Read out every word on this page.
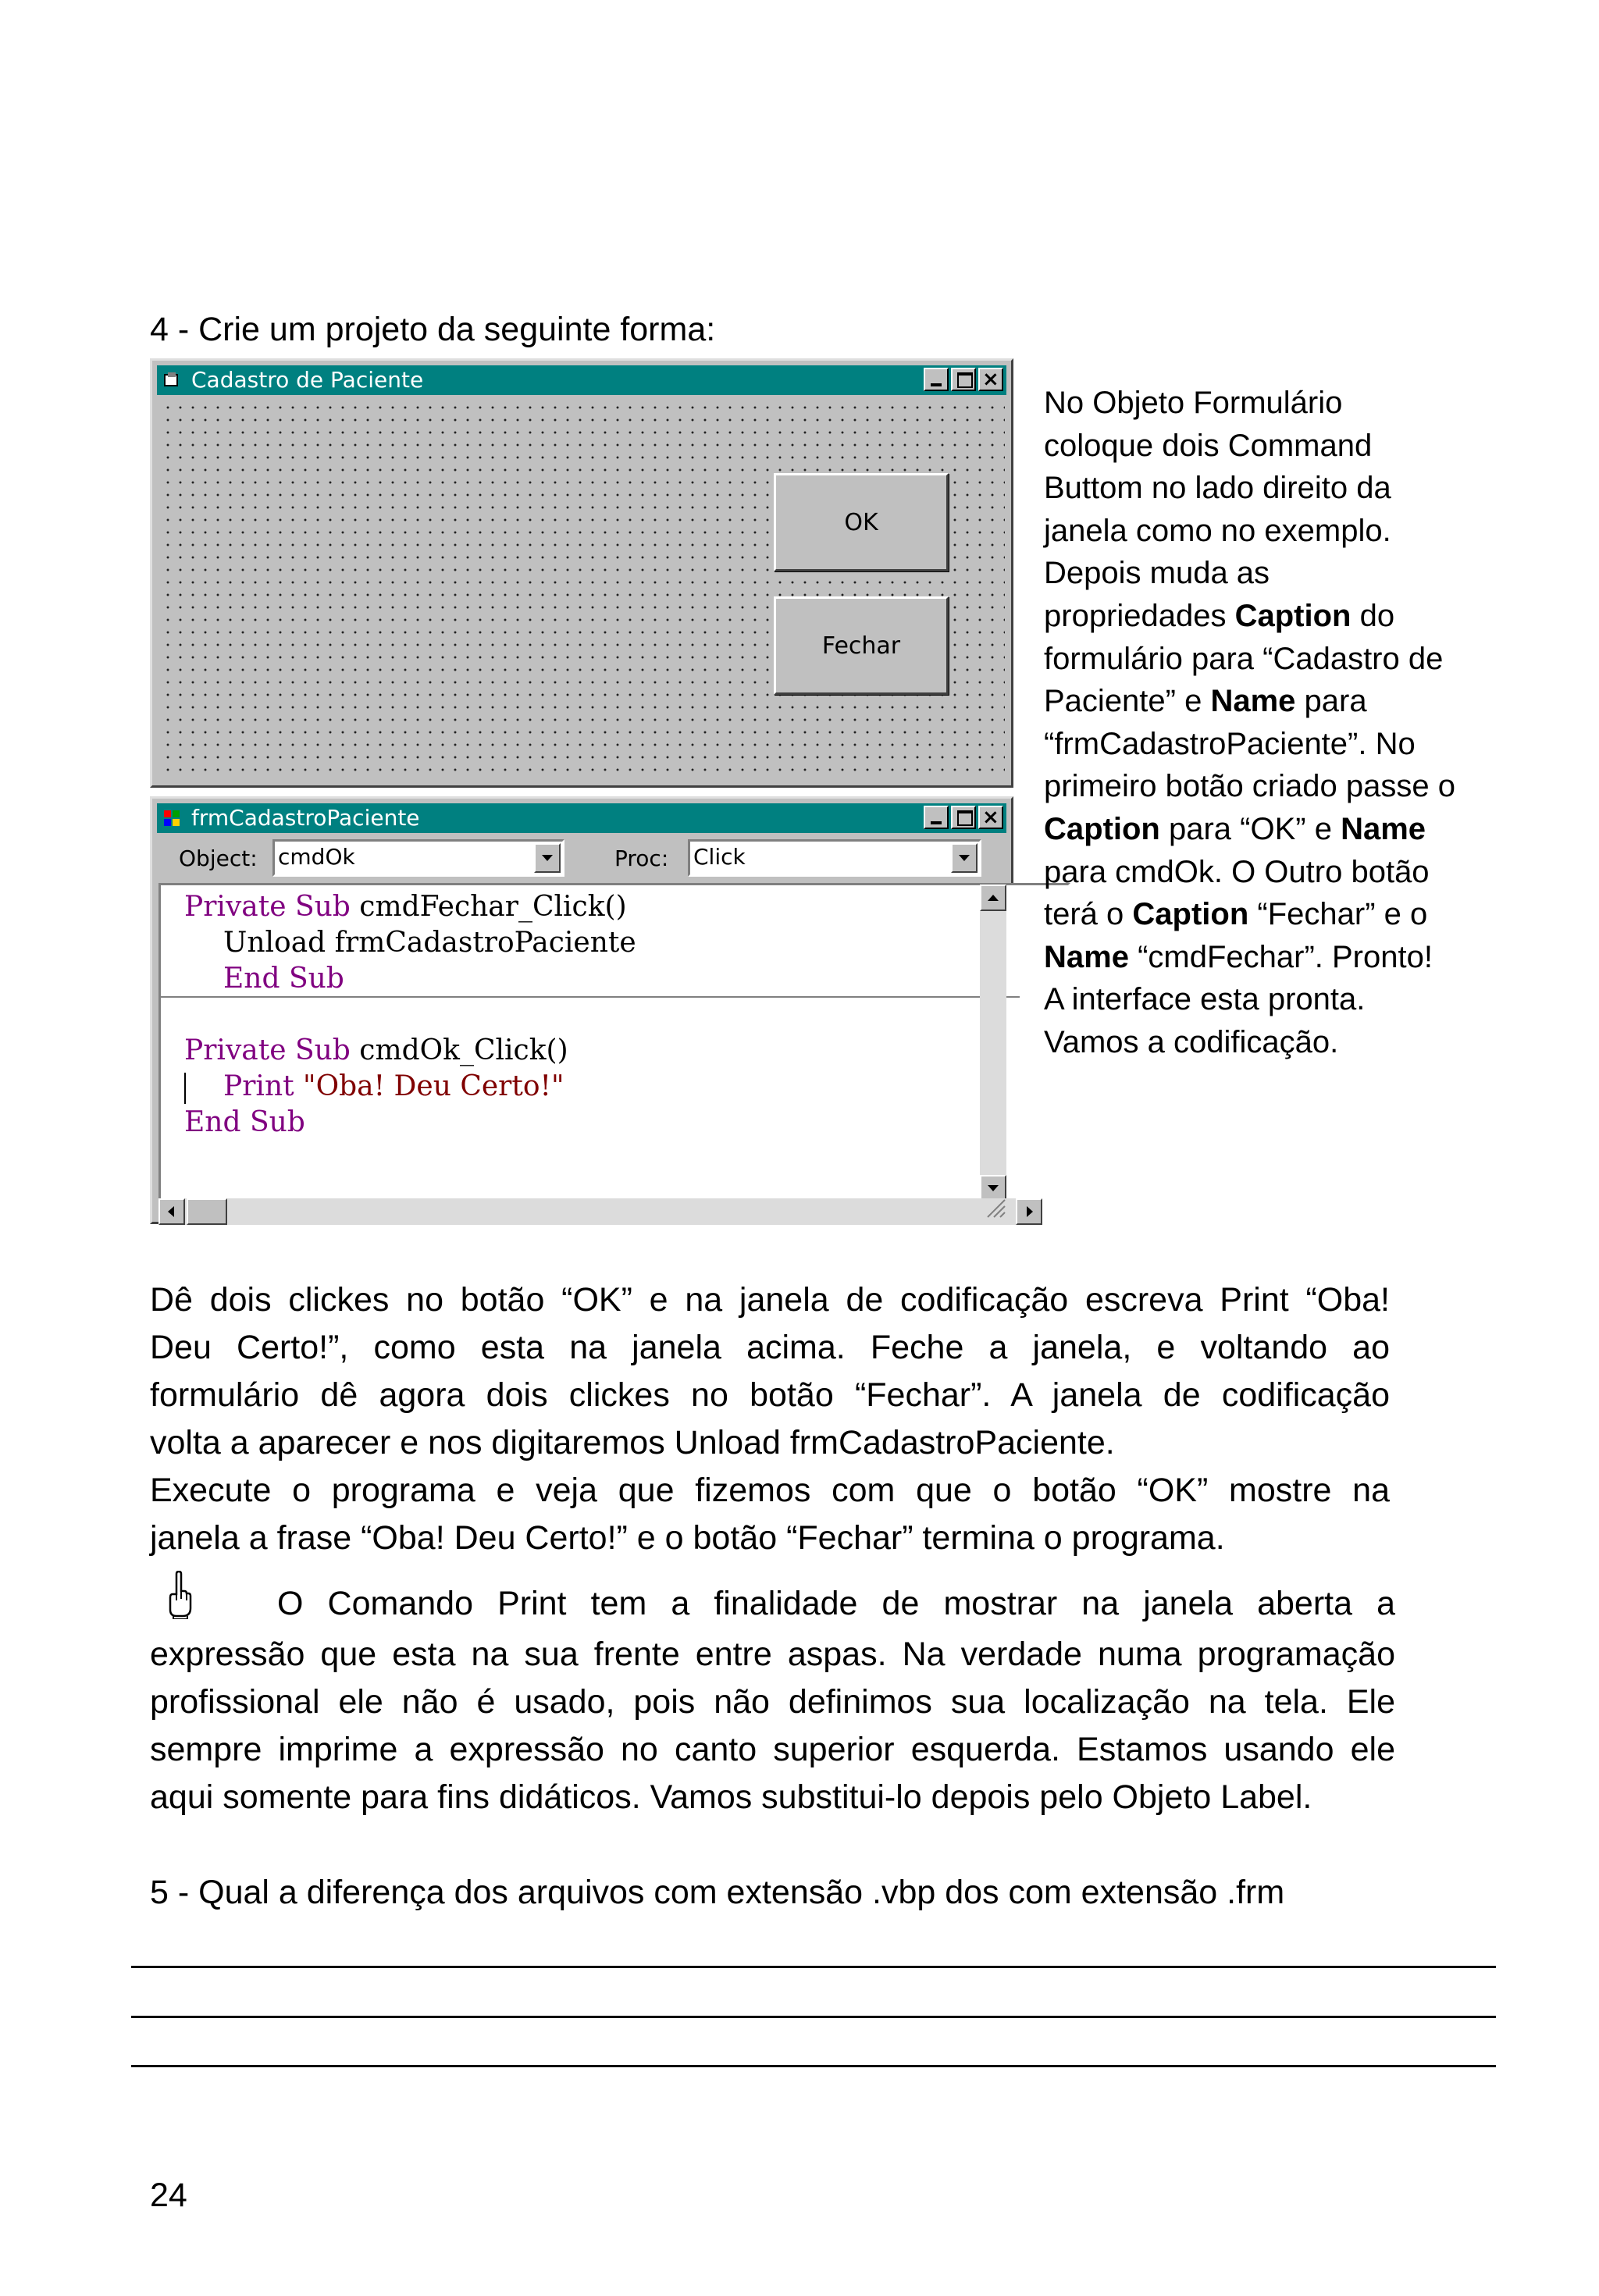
4 - Crie um projeto da seguinte forma:
Cadastro de Paciente	×
OK
Fechar
frmCadastroPaciente	×
Object: cmdOk	Proc: Click
Private Sub cmdFechar_Click()
Unload frmCadastroPaciente
End Sub
Private Sub cmdOk_Click()
Print "Oba! Deu Certo!"
End Sub
No Objeto Formulário
coloque dois Command
Buttom no lado direito da
janela como no exemplo.
Depois muda as
propriedades Caption do
formulário para “Cadastro de
Paciente” e Name para
“frmCadastroPaciente”. No
primeiro botão criado passe o
Caption para “OK” e Name
para cmdOk. O Outro botão
terá o Caption “Fechar” e o
Name “cmdFechar”. Pronto!
A interface esta pronta.
Vamos a codificação.
Dê dois clickes no botão “OK” e na janela de codificação escreva Print “Oba!
Deu Certo!”, como esta na janela acima. Feche a janela, e voltando ao
formulário dê agora dois clickes no botão “Fechar”. A janela de codificação
volta a aparecer e nos digitaremos Unload frmCadastroPaciente.
Execute o programa e veja que fizemos com que o botão “OK” mostre na
janela a frase “Oba! Deu Certo!” e o botão “Fechar” termina o programa.
O Comando Print tem a finalidade de mostrar na janela aberta a
expressão que esta na sua frente entre aspas. Na verdade numa programação
profissional ele não é usado, pois não definimos sua localização na tela. Ele
sempre imprime a expressão no canto superior esquerda. Estamos usando ele
aqui somente para fins didáticos. Vamos substitui-lo depois pelo Objeto Label.
5 - Qual a diferença dos arquivos com extensão .vbp dos com extensão .frm
24
